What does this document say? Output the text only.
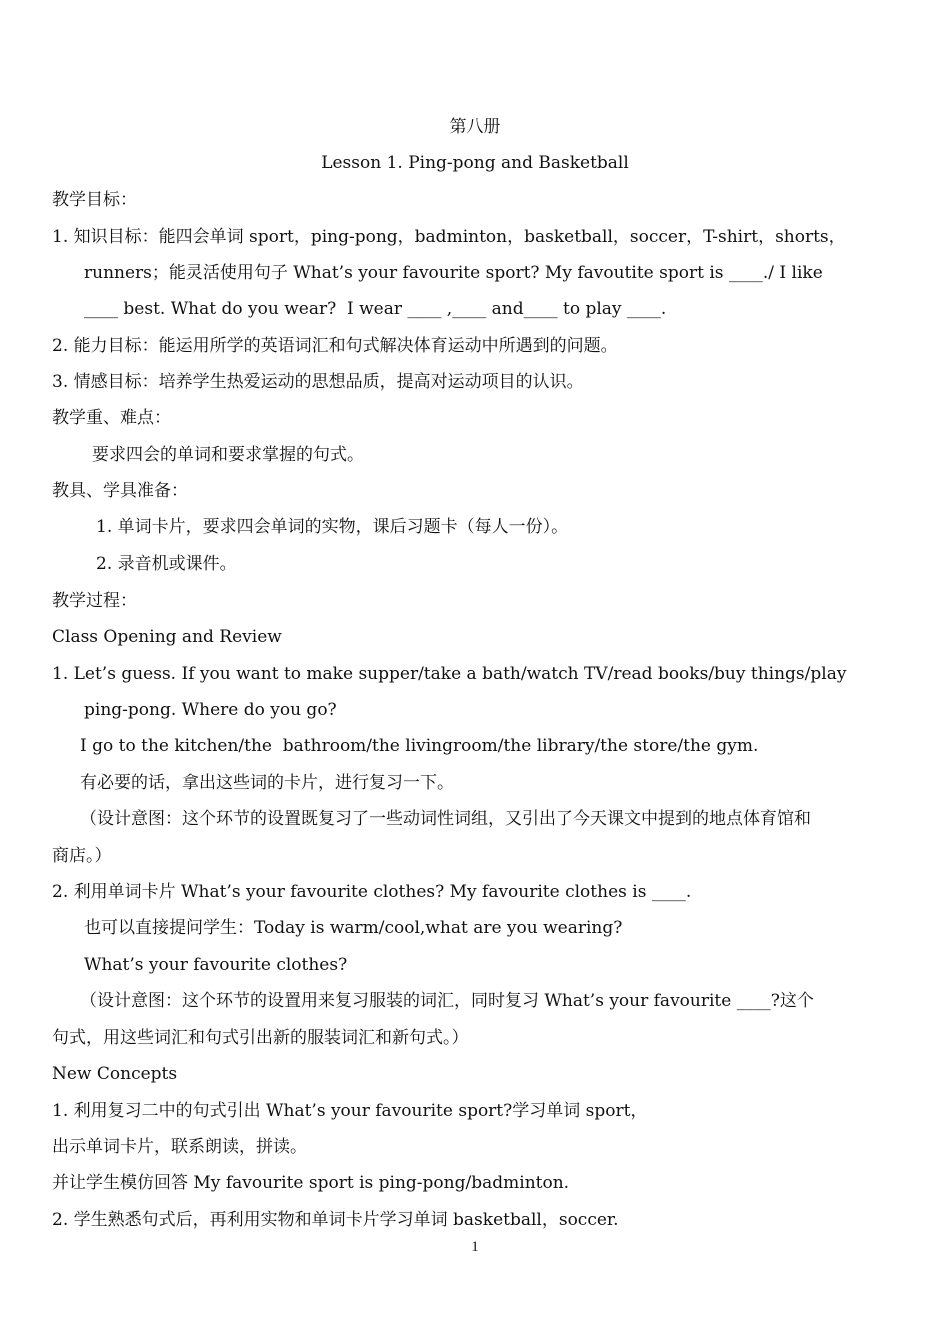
第八册
Lesson 1. Ping-pong and Basketball
教学目标：
1. 知识目标：能四会单词 sport，ping-pong，badminton，basketball，soccer，T-shirt，shorts，
runners；能灵活使用句子 What’s your favourite sport? My favoutite sport is ____./ I like
____ best. What do you wear?  I wear ____ ,____ and____ to play ____.
2. 能力目标：能运用所学的英语词汇和句式解决体育运动中所遇到的问题。
3. 情感目标：培养学生热爱运动的思想品质，提高对运动项目的认识。
教学重、难点：
要求四会的单词和要求掌握的句式。
教具、学具准备：
1. 单词卡片，要求四会单词的实物，课后习题卡（每人一份）。
2. 录音机或课件。
教学过程：
Class Opening and Review
1. Let’s guess. If you want to make supper/take a bath/watch TV/read books/buy things/play
ping-pong. Where do you go?
I go to the kitchen/the  bathroom/the livingroom/the library/the store/the gym.
有必要的话，拿出这些词的卡片，进行复习一下。
（设计意图：这个环节的设置既复习了一些动词性词组，又引出了今天课文中提到的地点体育馆和
商店。）
2. 利用单词卡片 What’s your favourite clothes? My favourite clothes is ____.
也可以直接提问学生：Today is warm/cool,what are you wearing?
What’s your favourite clothes?
（设计意图：这个环节的设置用来复习服装的词汇，同时复习 What’s your favourite ____?这个
句式，用这些词汇和句式引出新的服装词汇和新句式。）
New Concepts
1. 利用复习二中的句式引出 What’s your favourite sport?学习单词 sport，
出示单词卡片，联系朗读，拼读。
并让学生模仿回答 My favourite sport is ping-pong/badminton.
2. 学生熟悉句式后，再利用实物和单词卡片学习单词 basketball，soccer.
1
